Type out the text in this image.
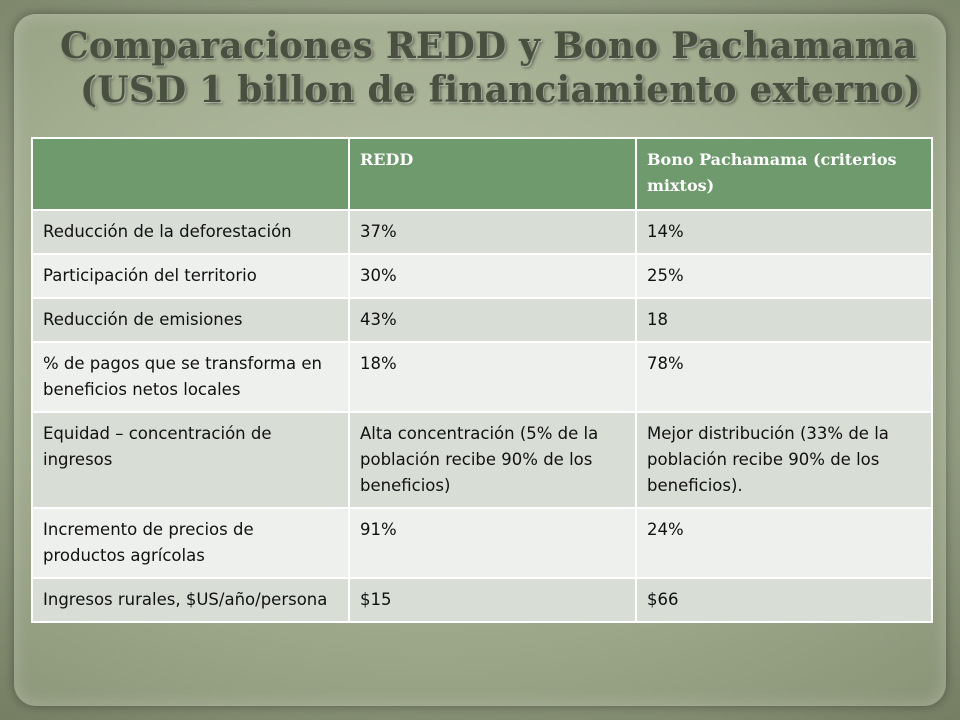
Comparaciones REDD y Bono Pachamama
(USD 1 billon de financiamiento externo)
	REDD	Bono Pachamama (criterios mixtos)
Reducción de la deforestación	37%	14%
Participación del territorio	30%	25%
Reducción de emisiones	43%	18
% de pagos que se transforma en beneficios netos locales	18%	78%
Equidad – concentración de ingresos	Alta concentración (5% de la población recibe 90% de los beneficios)	Mejor distribución (33% de la población recibe 90% de los beneficios).
Incremento de precios de productos agrícolas	91%	24%
Ingresos rurales, $US/año/persona	$15	$66
